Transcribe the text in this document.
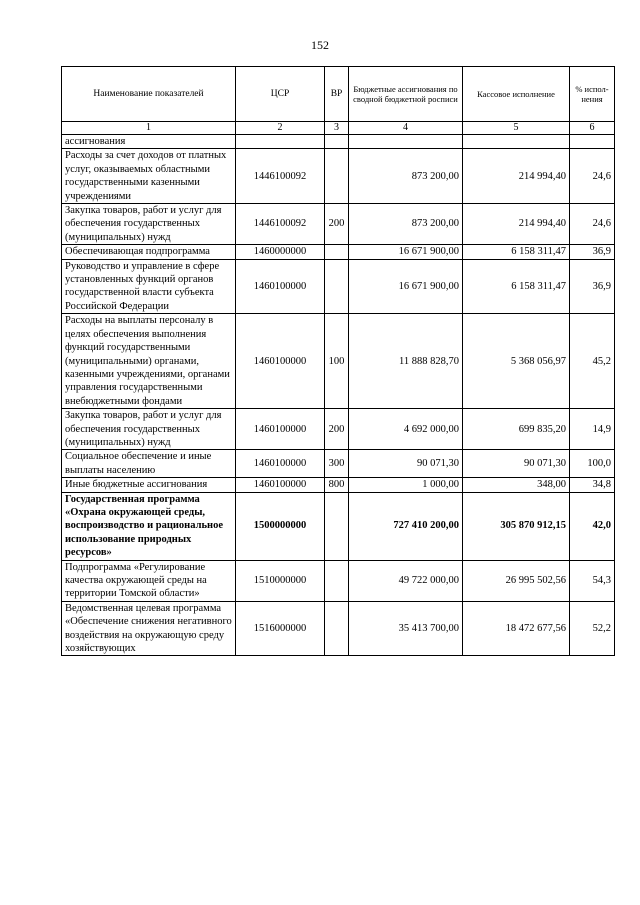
152
Наименование показателей	ЦСР	ВР	Бюджетные ассигнования по сводной бюджетной росписи	Кассовое исполнение	% испол-нения
1	2	3	4	5	6
ассигнования					
Расходы за счет доходов от платных услуг, оказываемых областными государственными казенными учреждениями	1446100092		873 200,00	214 994,40	24,6
Закупка товаров, работ и услуг для обеспечения государственных (муниципальных) нужд	1446100092	200	873 200,00	214 994,40	24,6
Обеспечивающая подпрограмма	1460000000		16 671 900,00	6 158 311,47	36,9
Руководство и управление в сфере установленных функций органов государственной власти субъекта Российской Федерации	1460100000		16 671 900,00	6 158 311,47	36,9
Расходы на выплаты персоналу в целях обеспечения выполнения функций государственными (муниципальными) органами, казенными учреждениями, органами управления государственными внебюджетными фондами	1460100000	100	11 888 828,70	5 368 056,97	45,2
Закупка товаров, работ и услуг для обеспечения государственных (муниципальных) нужд	1460100000	200	4 692 000,00	699 835,20	14,9
Социальное обеспечение и иные выплаты населению	1460100000	300	90 071,30	90 071,30	100,0
Иные бюджетные ассигнования	1460100000	800	1 000,00	348,00	34,8
Государственная программа «Охрана окружающей среды, воспроизводство и рациональное использование природных ресурсов»	1500000000		727 410 200,00	305 870 912,15	42,0
Подпрограмма «Регулирование качества окружающей среды на территории Томской области»	1510000000		49 722 000,00	26 995 502,56	54,3
Ведомственная целевая программа «Обеспечение снижения негативного воздействия на окружающую среду хозяйствующих	1516000000		35 413 700,00	18 472 677,56	52,2
